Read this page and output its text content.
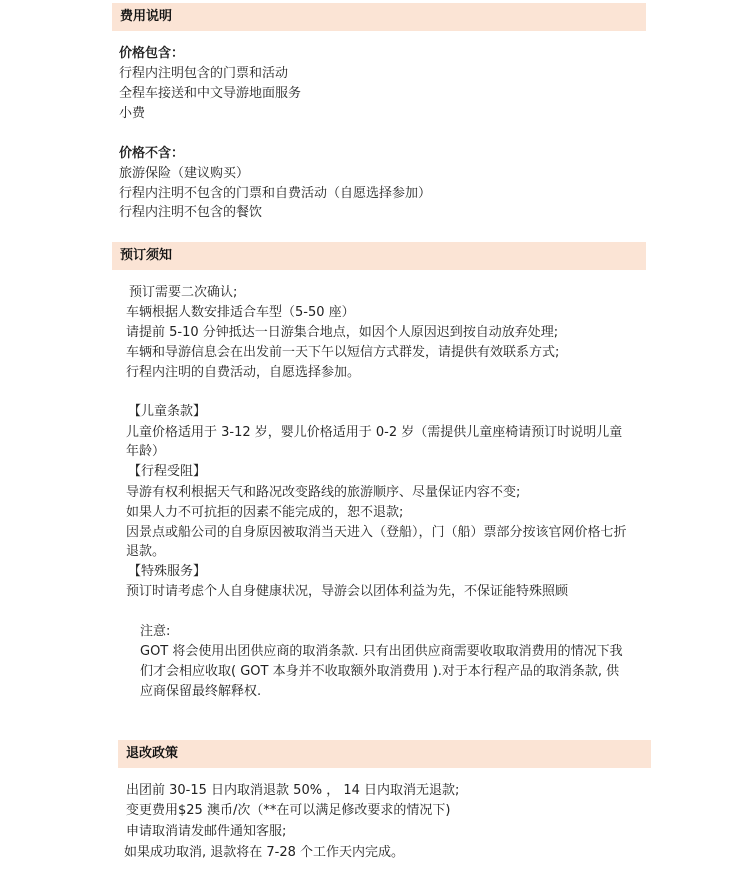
费用说明
价格包含：
行程内注明包含的门票和活动
全程车接送和中文导游地面服务
小费
价格不含：
旅游保险（建议购买）
行程内注明不包含的门票和自费活动（自愿选择参加）
行程内注明不包含的餐饮
预订须知
预订需要二次确认;
车辆根据人数安排适合车型（5-50 座）
请提前 5-10 分钟抵达一日游集合地点，如因个人原因迟到按自动放弃处理;
车辆和导游信息会在出发前一天下午以短信方式群发，请提供有效联系方式;
行程内注明的自费活动，自愿选择参加。
【儿童条款】
儿童价格适用于 3-12 岁，婴儿价格适用于 0-2 岁（需提供儿童座椅请预订时说明儿童
年龄）
【行程受阻】
导游有权利根据天气和路况改变路线的旅游顺序、尽量保证内容不变;
如果人力不可抗拒的因素不能完成的，恕不退款;
因景点或船公司的自身原因被取消当天进入（登船），门（船）票部分按该官网价格七折
退款。
【特殊服务】
预订时请考虑个人自身健康状况，导游会以团体利益为先，不保证能特殊照顾
注意:
GOT 将会使用出团供应商的取消条款. 只有出团供应商需要收取取消费用的情况下我
们才会相应收取( GOT 本身并不收取额外取消费用 ).对于本行程产品的取消条款, 供
应商保留最终解释权.
退改政策
出团前 30-15 日内取消退款 50% ， 14 日内取消无退款;
变更费用$25 澳币/次（**在可以满足修改要求的情况下)
申请取消请发邮件通知客服;
如果成功取消, 退款将在 7-28 个工作天内完成。
